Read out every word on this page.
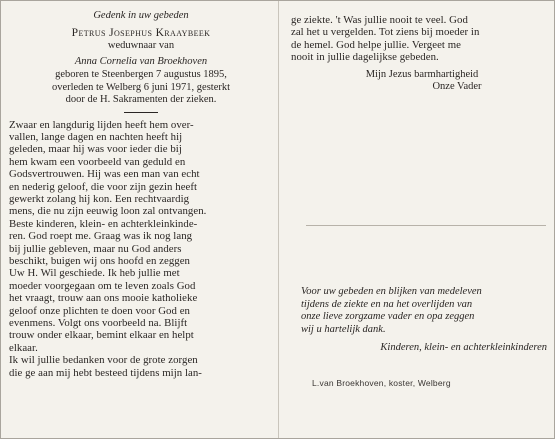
Gedenk in uw gebeden

Petrus Josephus Kraaybeek

weduwnaar van

Anna Cornelia van Broekhoven

geboren te Steenbergen 7 augustus 1895,

overleden te Welberg 6 juni 1971, gesterkt

door de H. Sakramenten der zieken.

Zwaar en langdurig lijden heeft hem over-
vallen, lange dagen en nachten heeft hij
geleden, maar hij was voor ieder die bij
hem kwam een voorbeeld van geduld en
Godsvertrouwen. Hij was een man van echt
en nederig geloof, die voor zijn gezin heeft
gewerkt zolang hij kon. Een rechtvaardig
mens, die nu zijn eeuwig loon zal ontvangen.
Beste kinderen, klein- en achterkleinkinde-
ren. God roept me. Graag was ik nog lang
bij jullie gebleven, maar nu God anders
beschikt, buigen wij ons hoofd en zeggen
Uw H. Wil geschiede. Ik heb jullie met
moeder voorgegaan om te leven zoals God
het vraagt, trouw aan ons mooie katholieke
geloof onze plichten te doen voor God en
evenmens. Volgt ons voorbeeld na. Blijft
trouw onder elkaar, bemint elkaar en helpt
elkaar.
Ik wil jullie bedanken voor de grote zorgen
die ge aan mij hebt besteed tijdens mijn lan-

ge ziekte. 't Was jullie nooit te veel. God
zal het u vergelden. Tot ziens bij moeder in
de hemel. God helpe jullie. Vergeet me
nooit in jullie dagelijkse gebeden.

Mijn Jezus barmhartigheid

Onze Vader

Voor uw gebeden en blijken van medeleven
tijdens de ziekte en na het overlijden van
onze lieve zorgzame vader en opa zeggen
wij u hartelijk dank.

Kinderen, klein- en achterkleinkinderen

L.van Broekhoven, koster, Welberg
